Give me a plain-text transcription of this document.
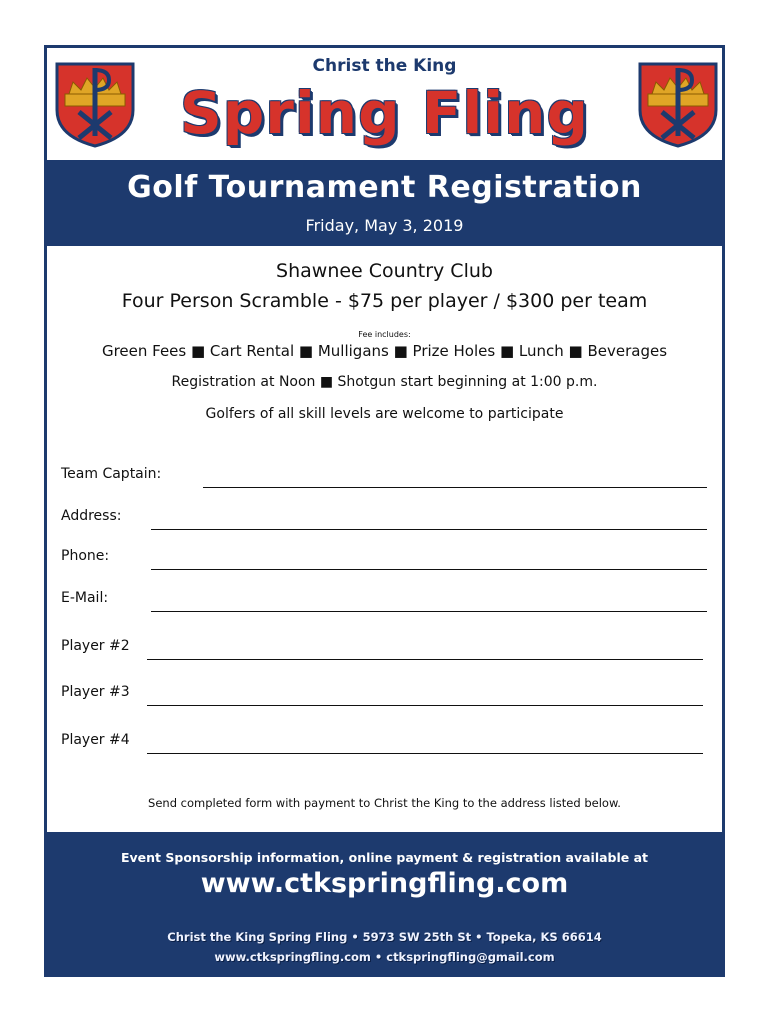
Christ the King
Spring Fling
Golf Tournament Registration
Friday, May 3, 2019
Shawnee Country Club
Four Person Scramble - $75 per player / $300 per team
Fee includes:
Green Fees ■ Cart Rental ■ Mulligans ■ Prize Holes ■ Lunch ■ Beverages
Registration at Noon ■ Shotgun start beginning at 1:00 p.m.
Golfers of all skill levels are welcome to participate
Team Captain:
Address:
Phone:
E-Mail:
Player #2
Player #3
Player #4
Send completed form with payment to Christ the King to the address listed below.
Event Sponsorship information, online payment & registration available at
www.ctkspringfling.com
Christ the King Spring Fling • 5973 SW 25th St • Topeka, KS 66614
www.ctkspringfling.com • ctkspringfling@gmail.com
